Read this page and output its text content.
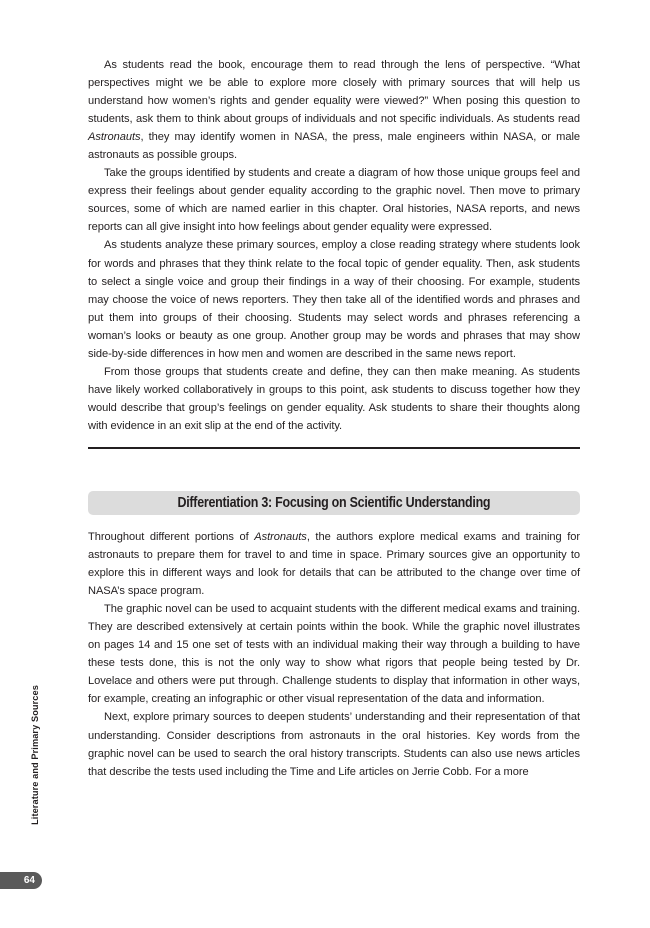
As students read the book, encourage them to read through the lens of perspective. “What perspectives might we be able to explore more closely with primary sources that will help us understand how women’s rights and gender equality were viewed?” When posing this question to students, ask them to think about groups of individuals and not specific individuals. As students read Astronauts, they may identify women in NASA, the press, male engineers within NASA, or male astronauts as possible groups.

Take the groups identified by students and create a diagram of how those unique groups feel and express their feelings about gender equality according to the graphic novel. Then move to primary sources, some of which are named earlier in this chapter. Oral histories, NASA reports, and news reports can all give insight into how feelings about gender equality were expressed.

As students analyze these primary sources, employ a close reading strategy where students look for words and phrases that they think relate to the focal topic of gender equality. Then, ask students to select a single voice and group their findings in a way of their choosing. For example, students may choose the voice of news reporters. They then take all of the identified words and phrases and put them into groups of their choosing. Students may select words and phrases referencing a woman’s looks or beauty as one group. Another group may be words and phrases that may show side-by-side differences in how men and women are described in the same news report.

From those groups that students create and define, they can then make meaning. As students have likely worked collaboratively in groups to this point, ask students to discuss together how they would describe that group’s feelings on gender equality. Ask students to share their thoughts along with evidence in an exit slip at the end of the activity.

Differentiation 3: Focusing on Scientific Understanding

Throughout different portions of Astronauts, the authors explore medical exams and training for astronauts to prepare them for travel to and time in space. Primary sources give an opportunity to explore this in different ways and look for details that can be attributed to the change over time of NASA’s space program.

The graphic novel can be used to acquaint students with the different medical exams and training. They are described extensively at certain points within the book. While the graphic novel illustrates on pages 14 and 15 one set of tests with an individual making their way through a building to have these tests done, this is not the only way to show what rigors that people being tested by Dr. Lovelace and others were put through. Challenge students to display that information in other ways, for example, creating an infographic or other visual representation of the data and information.

Next, explore primary sources to deepen students’ understanding and their representation of that understanding. Consider descriptions from astronauts in the oral histories. Key words from the graphic novel can be used to search the oral history transcripts. Students can also use news articles that describe the tests used including the Time and Life articles on Jerrie Cobb. For a more

Literature and Primary Sources
64
